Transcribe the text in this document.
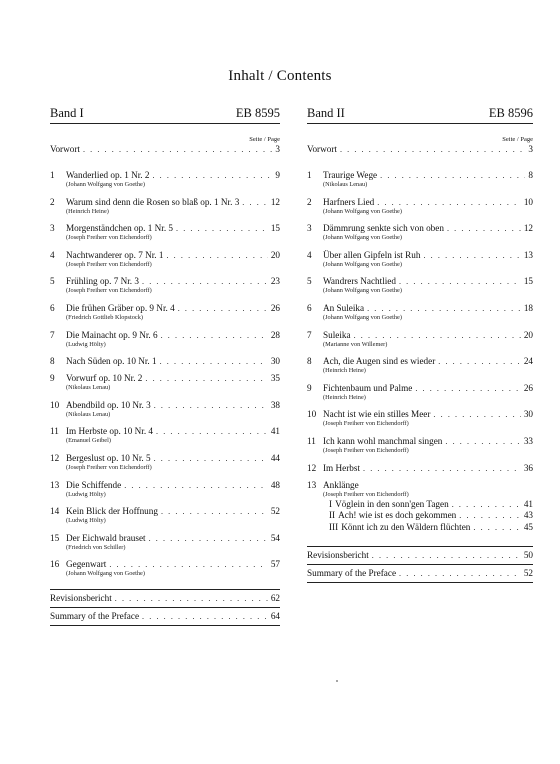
Inhalt / Contents
Band I	EB 8595
Seite / Page
Vorwort . . .	3
1	Wanderlied op. 1 Nr. 2 . . .	9
(Johann Wolfgang von Goethe)
2	Warum sind denn die Rosen so blaß op. 1 Nr. 3 . . .	12
(Heinrich Heine)
3	Morgenständchen op. 1 Nr. 5 . . .	15
(Joseph Freiherr von Eichendorff)
4	Nachtwanderer op. 7 Nr. 1 . . .	20
(Joseph Freiherr von Eichendorff)
5	Frühling op. 7 Nr. 3 . . .	23
(Joseph Freiherr von Eichendorff)
6	Die frühen Gräber op. 9 Nr. 4 . . .	26
(Friedrich Gottlieb Klopstock)
7	Die Mainacht op. 9 Nr. 6 . . .	28
(Ludwig Hölty)
8	Nach Süden op. 10 Nr. 1 . . .	30
9	Vorwurf op. 10 Nr. 2 . . .	35
(Nikolaus Lenau)
10 Abendbild op. 10 Nr. 3 . . .	38
(Nikolaus Lenau)
11 Im Herbste op. 10 Nr. 4 . . .	41
(Emanuel Geibel)
12 Bergeslust op. 10 Nr. 5 . . .	44
(Joseph Freiherr von Eichendorff)
13 Die Schiffende . . .	48
(Ludwig Hölty)
14 Kein Blick der Hoffnung . . .	52
(Ludwig Hölty)
15 Der Eichwald brauset . . .	54
(Friedrich von Schiller)
16 Gegenwart . . .	57
(Johann Wolfgang von Goethe)
Revisionsbericht . . .	62
Summary of the Preface . . .	64
Band II	EB 8596
Seite / Page
Vorwort . . .	3
1	Traurige Wege . . .	8
(Nikolaus Lenau)
2	Harfners Lied . . .	10
(Johann Wolfgang von Goethe)
3	Dämmrung senkte sich von oben . . .	12
(Johann Wolfgang von Goethe)
4	Über allen Gipfeln ist Ruh . . .	13
(Johann Wolfgang von Goethe)
5	Wandrers Nachtlied . . .	15
(Johann Wolfgang von Goethe)
6	An Suleika . . .	18
(Johann Wolfgang von Goethe)
7	Suleika . . .	20
(Marianne von Willemer)
8	Ach, die Augen sind es wieder . . .	24
(Heinrich Heine)
9	Fichtenbaum und Palme . . .	26
(Heinrich Heine)
10 Nacht ist wie ein stilles Meer . . .	30
(Joseph Freiherr von Eichendorff)
11 Ich kann wohl manchmal singen . . .	33
(Joseph Freiherr von Eichendorff)
12 Im Herbst . . .	36
13 Anklänge
(Joseph Freiherr von Eichendorff)
I Vöglein in den sonn'gen Tagen . . .	41
II Ach! wie ist es doch gekommen . . .	43
III Könnt ich zu den Wäldern flüchten . . .	45
Revisionsbericht . . .	50
Summary of the Preface . . .	52
